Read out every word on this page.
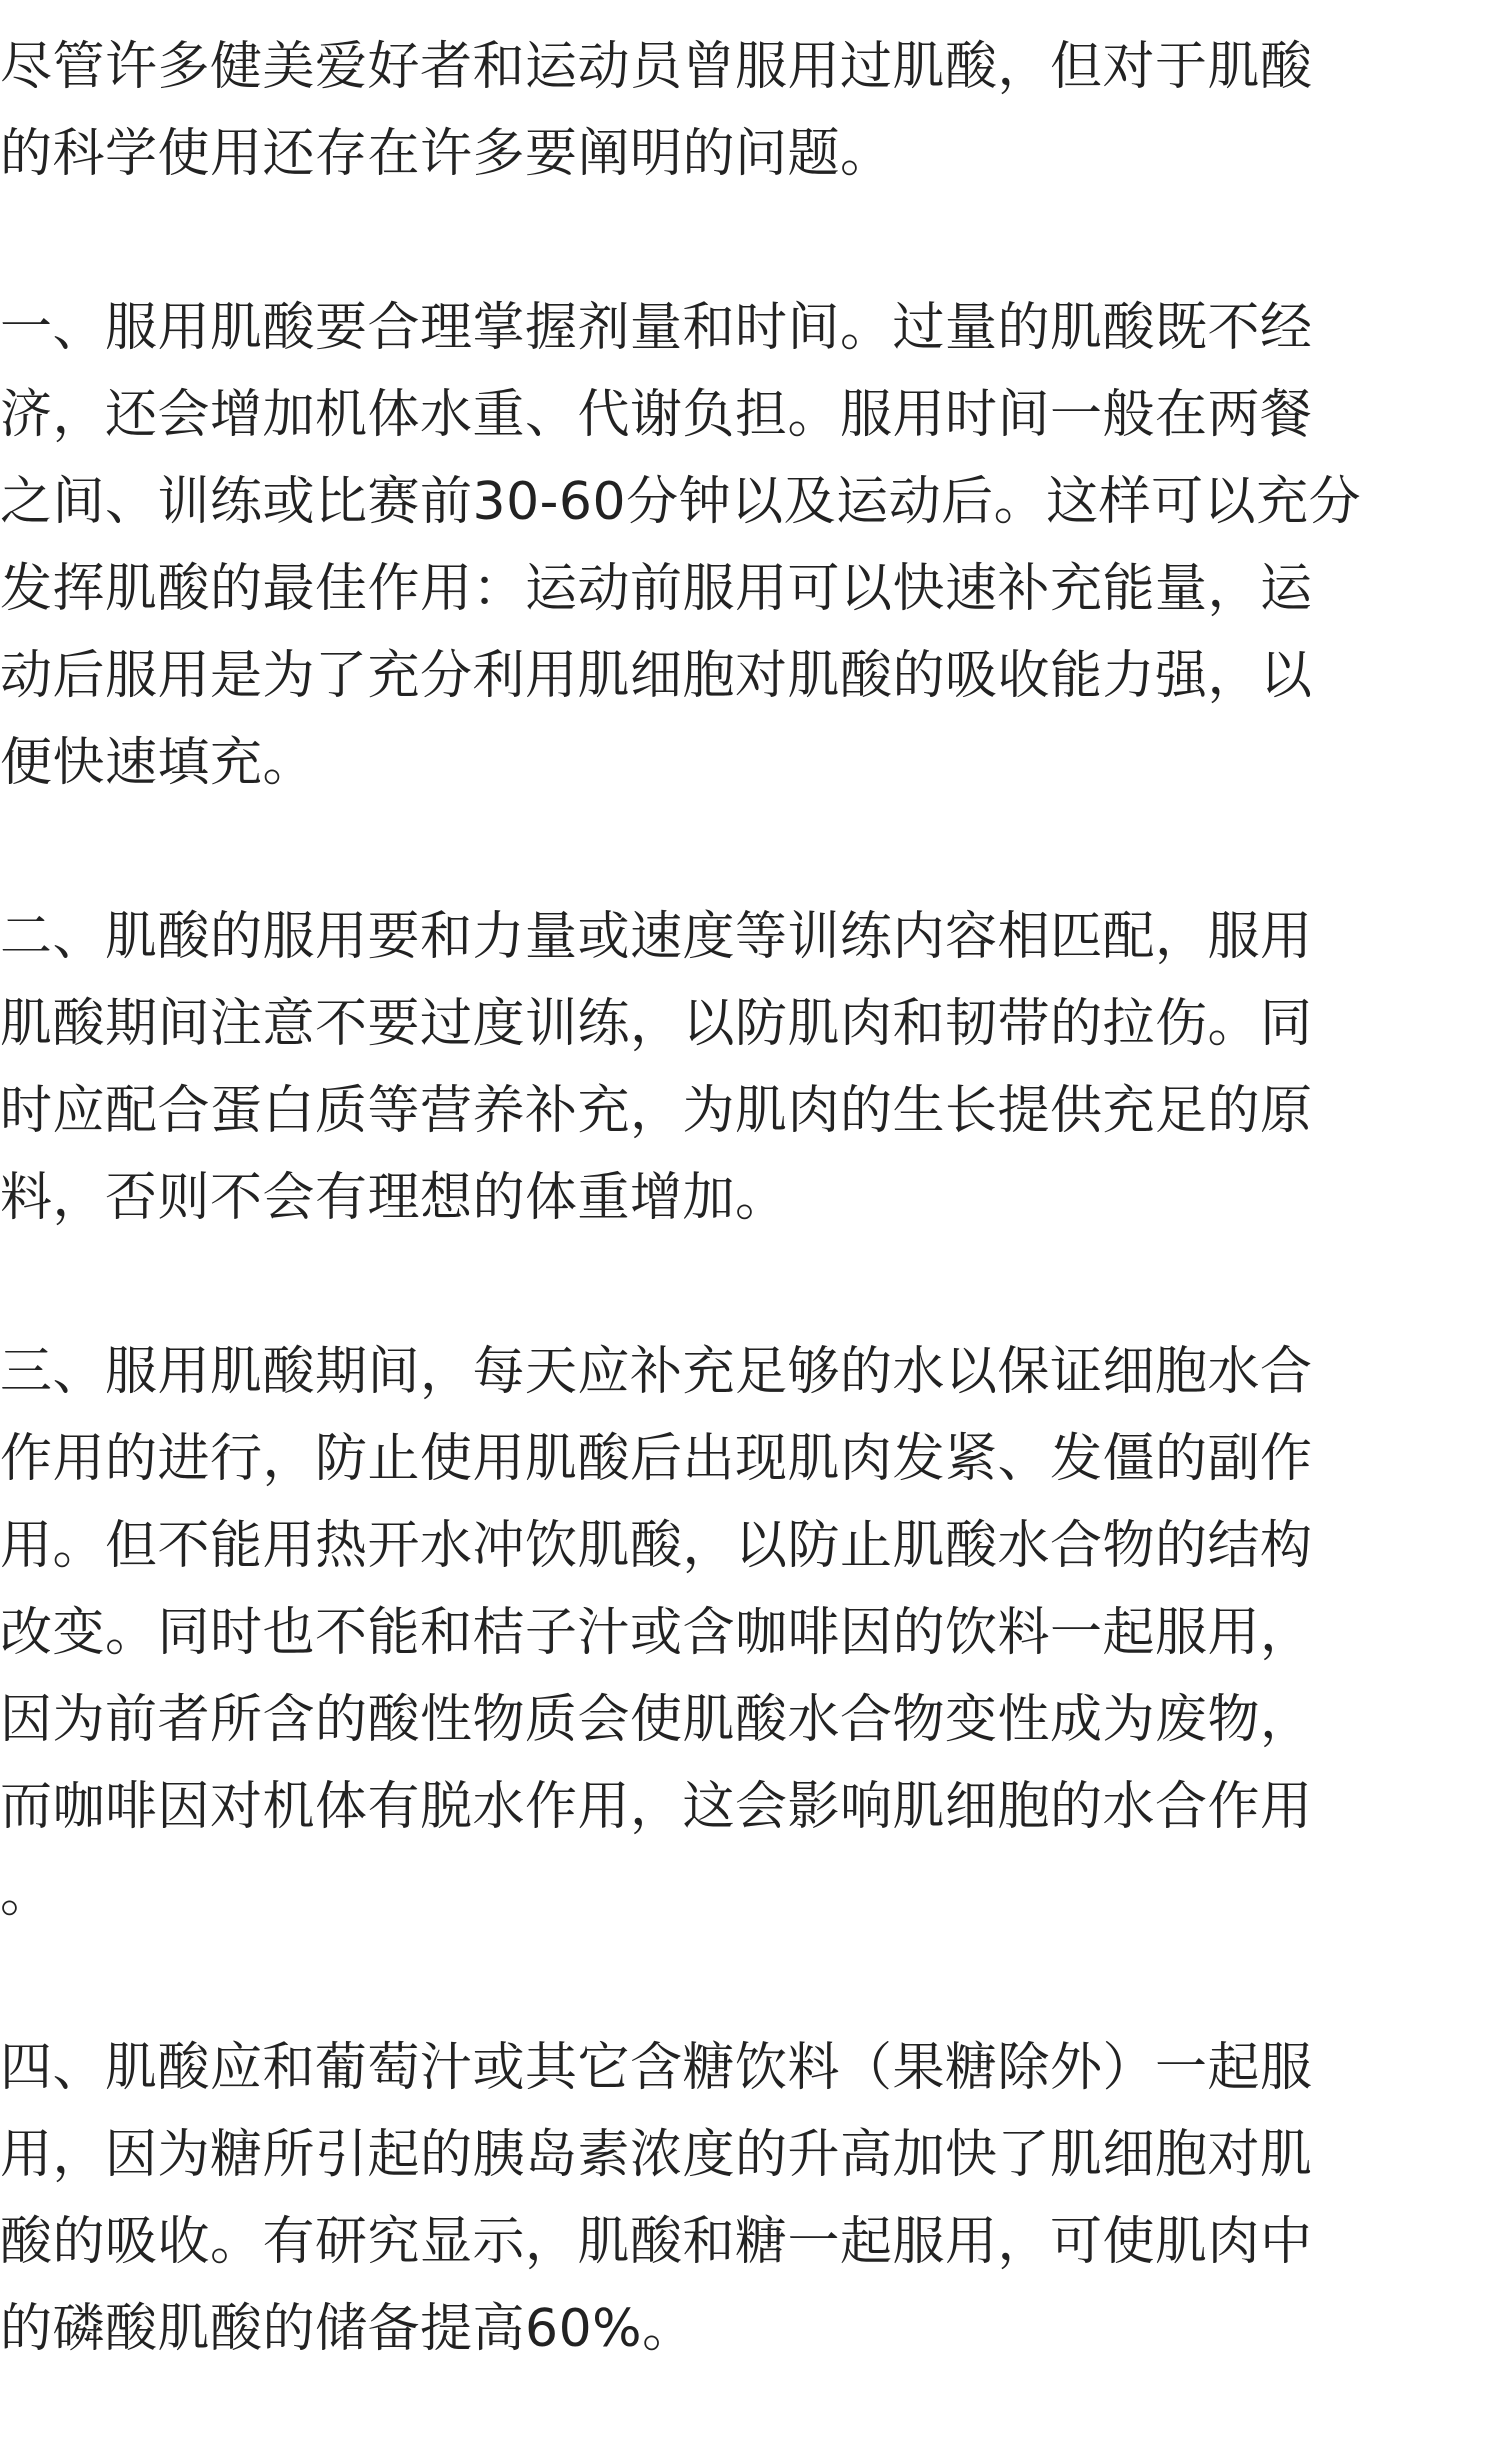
尽管许多健美爱好者和运动员曾服用过肌酸，但对于肌酸
的科学使用还存在许多要阐明的问题。
一、服用肌酸要合理掌握剂量和时间。过量的肌酸既不经
济，还会增加机体水重、代谢负担。服用时间一般在两餐
之间、训练或比赛前30-60分钟以及运动后。这样可以充分
发挥肌酸的最佳作用：运动前服用可以快速补充能量，运
动后服用是为了充分利用肌细胞对肌酸的吸收能力强，以
便快速填充。
二、肌酸的服用要和力量或速度等训练内容相匹配，服用
肌酸期间注意不要过度训练，以防肌肉和韧带的拉伤。同
时应配合蛋白质等营养补充，为肌肉的生长提供充足的原
料，否则不会有理想的体重增加。
三、服用肌酸期间，每天应补充足够的水以保证细胞水合
作用的进行，防止使用肌酸后出现肌肉发紧、发僵的副作
用。但不能用热开水冲饮肌酸，以防止肌酸水合物的结构
改变。同时也不能和桔子汁或含咖啡因的饮料一起服用，
因为前者所含的酸性物质会使肌酸水合物变性成为废物，
而咖啡因对机体有脱水作用，这会影响肌细胞的水合作用
。
四、肌酸应和葡萄汁或其它含糖饮料（果糖除外）一起服
用，因为糖所引起的胰岛素浓度的升高加快了肌细胞对肌
酸的吸收。有研究显示，肌酸和糖一起服用，可使肌肉中
的磷酸肌酸的储备提高60%。
